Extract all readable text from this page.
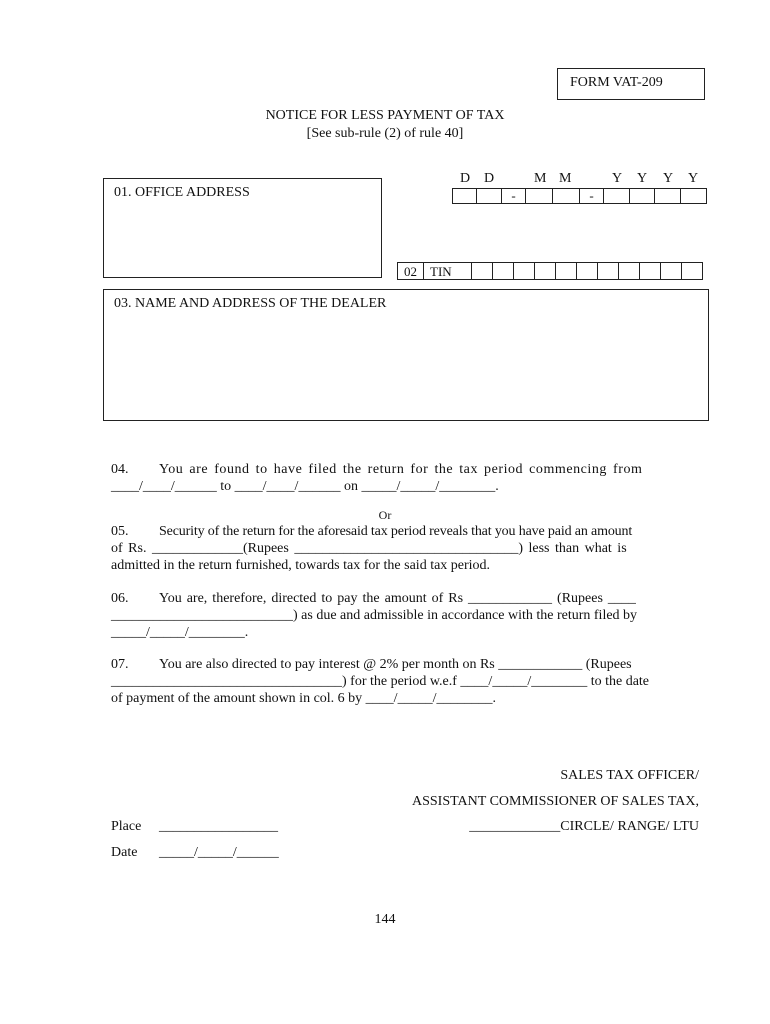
FORM VAT-209
NOTICE FOR LESS PAYMENT OF TAX
[See sub-rule (2) of rule 40]
D D	M M	Y Y Y Y
-	-
01. OFFICE ADDRESS
02	TIN
03. NAME AND ADDRESS OF THE DEALER
04. You are found to have filed the return for the tax period commencing from
____/____/______ to ____/____/______ on _____/_____/________.
Or
05. Security of the return for the aforesaid tax period reveals that you have paid an amount
of Rs. _____________(Rupees ________________________________) less than what is
admitted in the return furnished, towards tax for the said tax period.
06. You are, therefore, directed to pay the amount of Rs ____________ (Rupees ____
__________________________) as due and admissible in accordance with the return filed by
_____/_____/________.
07. You are also directed to pay interest @ 2% per month on Rs ____________ (Rupees
_________________________________) for the period w.e.f ____/_____/________ to the date
of payment of the amount shown in col. 6 by ____/_____/________.
SALES TAX OFFICER/
ASSISTANT COMMISSIONER OF SALES TAX,
_____________CIRCLE/ RANGE/ LTU
Place _________________
Date _____/_____/______
144
